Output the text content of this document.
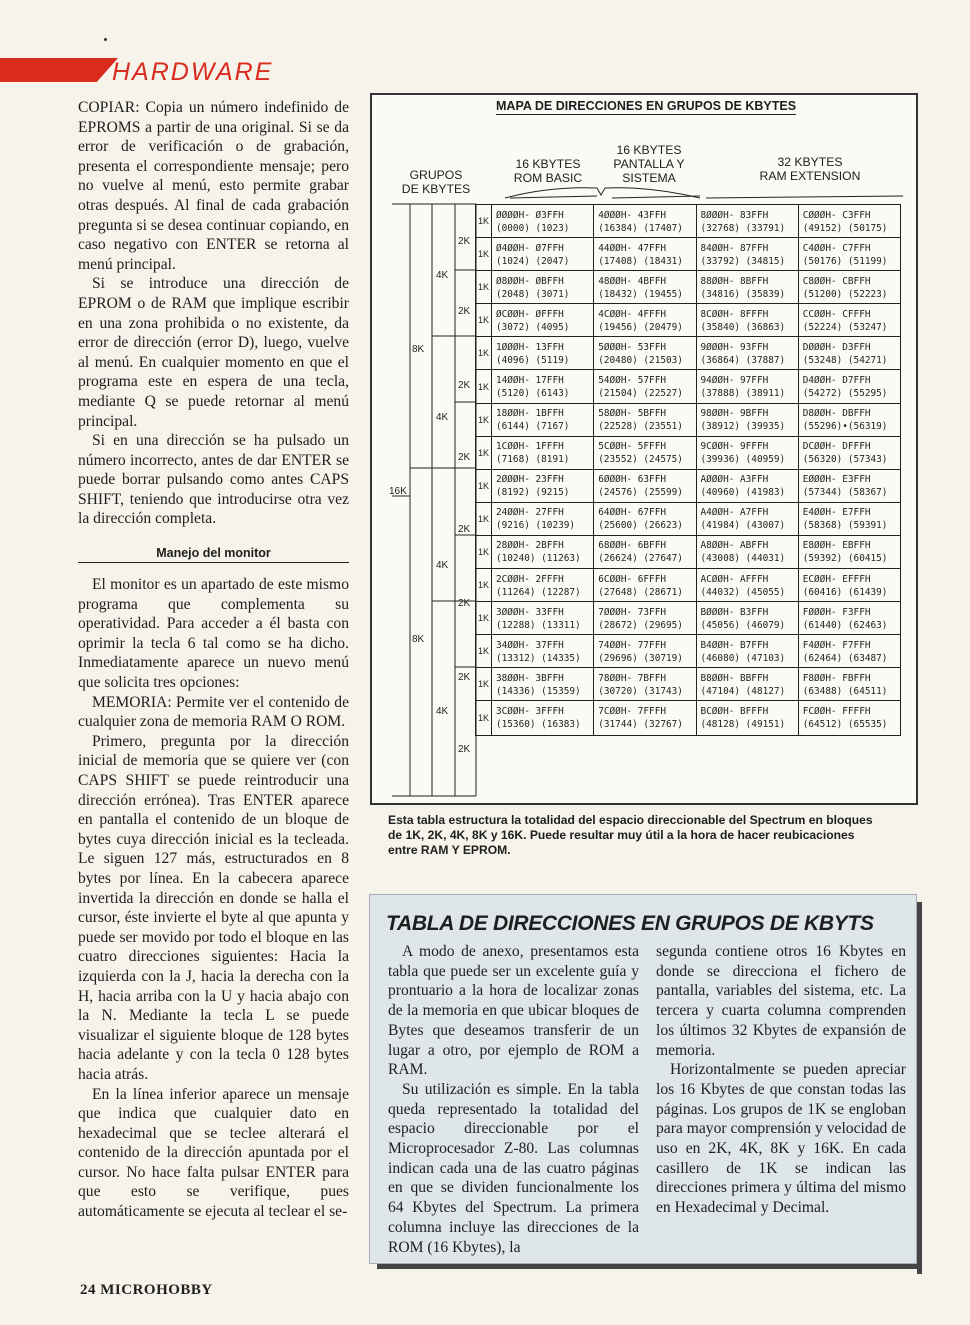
HARDWARE

COPIAR: Copia un número indefinido de EPROMS a partir de una original. Si se da error de verificación o de grabación, presenta el correspondiente mensaje; pero no vuelve al menú, esto permite grabar otras después. Al final de cada grabación pregunta si se desea continuar copiando, en caso negativo con ENTER se retorna al menú principal.

Si se introduce una dirección de EPROM o de RAM que implique escribir en una zona prohibida o no existente, da error de dirección (error D), luego, vuelve al menú. En cualquier momento en que el programa este en espera de una tecla, mediante Q se puede retornar al menú principal.

Si en una dirección se ha pulsado un número incorrecto, antes de dar ENTER se puede borrar pulsando como antes CAPS SHIFT, teniendo que introducirse otra vez la dirección completa.

Manejo del monitor

El monitor es un apartado de este mismo programa que complementa su operatividad. Para acceder a él basta con oprimir la tecla 6 tal como se ha dicho. Inmediatamente aparece un nuevo menú que solicita tres opciones:

MEMORIA: Permite ver el contenido de cualquier zona de memoria RAM O ROM.

Primero, pregunta por la dirección inicial de memoria que se quiere ver (con CAPS SHIFT se puede reintroducir una dirección errónea). Tras ENTER aparece en pantalla el contenido de un bloque de bytes cuya dirección inicial es la tecleada. Le siguen 127 más, estructurados en 8 bytes por línea. En la cabecera aparece invertida la dirección en donde se halla el cursor, éste invierte el byte al que apunta y puede ser movido por todo el bloque en las cuatro direcciones siguientes: Hacia la izquierda con la J, hacia la derecha con la H, hacia arriba con la U y hacia abajo con la N. Mediante la tecla L se puede visualizar el siguiente bloque de 128 bytes hacia adelante y con la tecla 0 128 bytes hacia atrás.

En la línea inferior aparece un mensaje que indica que cualquier dato en hexadecimal que se teclee alterará el contenido de la dirección apuntada por el cursor. No hace falta pulsar ENTER para que esto se verifique, pues automáticamente se ejecuta al teclear el se-

24 MICROHOBBY
MAPA DE DIRECCIONES EN GRUPOS DE KBYTES
GRUPOS
DE KBYTES
16 KBYTES
ROM BASIC
16 KBYTES
PANTALLA Y
SISTEMA
32 KBYTES
RAM EXTENSION
16K
8K
8K
4K
4K
4K
4K
2K
2K
2K
2K
2K
2K
2K
2K
1K
ØØØØH- Ø3FFH
(0000) (1023)
4ØØØH- 43FFH
(16384) (17407)
8ØØØH- 83FFH
(32768) (33791)
CØØØH- C3FFH
(49152) (50175)
1K
Ø4ØØH- Ø7FFH
(1024) (2047)
44ØØH- 47FFH
(17408) (18431)
84ØØH- 87FFH
(33792) (34815)
C4ØØH- C7FFH
(50176) (51199)
1K
Ø8ØØH- ØBFFH
(2048) (3071)
48ØØH- 4BFFH
(18432) (19455)
88ØØH- 8BFFH
(34816) (35839)
C8ØØH- CBFFH
(51200) (52223)
1K
ØCØØH- ØFFFH
(3072) (4095)
4CØØH- 4FFFH
(19456) (20479)
8CØØH- 8FFFH
(35840) (36863)
CCØØH- CFFFH
(52224) (53247)
1K
1ØØØH- 13FFH
(4096) (5119)
5ØØØH- 53FFH
(20480) (21503)
9ØØØH- 93FFH
(36864) (37887)
DØØØH- D3FFH
(53248) (54271)
1K
14ØØH- 17FFH
(5120) (6143)
54ØØH- 57FFH
(21504) (22527)
94ØØH- 97FFH
(37888) (38911)
D4ØØH- D7FFH
(54272) (55295)
1K
18ØØH- 1BFFH
(6144) (7167)
58ØØH- 5BFFH
(22528) (23551)
98ØØH- 9BFFH
(38912) (39935)
D8ØØH- DBFFH
(55296)•(56319)
1K
1CØØH- 1FFFH
(7168) (8191)
5CØØH- 5FFFH
(23552) (24575)
9CØØH- 9FFFH
(39936) (40959)
DCØØH- DFFFH
(56320) (57343)
1K
2ØØØH- 23FFH
(8192) (9215)
6ØØØH- 63FFH
(24576) (25599)
AØØØH- A3FFH
(40960) (41983)
EØØØH- E3FFH
(57344) (58367)
1K
24ØØH- 27FFH
(9216) (10239)
64ØØH- 67FFH
(25600) (26623)
A4ØØH- A7FFH
(41984) (43007)
E4ØØH- E7FFH
(58368) (59391)
1K
28ØØH- 2BFFH
(10240) (11263)
68ØØH- 6BFFH
(26624) (27647)
A8ØØH- ABFFH
(43008) (44031)
E8ØØH- EBFFH
(59392) (60415)
1K
2CØØH- 2FFFH
(11264) (12287)
6CØØH- 6FFFH
(27648) (28671)
ACØØH- AFFFH
(44032) (45055)
ECØØH- EFFFH
(60416) (61439)
1K
3ØØØH- 33FFH
(12288) (13311)
7ØØØH- 73FFH
(28672) (29695)
BØØØH- B3FFH
(45056) (46079)
FØØØH- F3FFH
(61440) (62463)
1K
34ØØH- 37FFH
(13312) (14335)
74ØØH- 77FFH
(29696) (30719)
B4ØØH- B7FFH
(46080) (47103)
F4ØØH- F7FFH
(62464) (63487)
1K
38ØØH- 3BFFH
(14336) (15359)
78ØØH- 7BFFH
(30720) (31743)
B8ØØH- BBFFH
(47104) (48127)
F8ØØH- FBFFH
(63488) (64511)
1K
3CØØH- 3FFFH
(15360) (16383)
7CØØH- 7FFFH
(31744) (32767)
BCØØH- BFFFH
(48128) (49151)
FCØØH- FFFFH
(64512) (65535)
Esta tabla estructura la totalidad del espacio direccionable del Spectrum en bloques de 1K, 2K, 4K, 8K y 16K. Puede resultar muy útil a la hora de hacer reubicaciones entre RAM Y EPROM.
TABLA DE DIRECCIONES EN GRUPOS DE KBYTS

A modo de anexo, presentamos esta tabla que puede ser un excelente guía y prontuario a la hora de localizar zonas de la memoria en que ubicar bloques de Bytes que deseamos transferir de un lugar a otro, por ejemplo de ROM a RAM.

Su utilización es simple. En la tabla queda representado la totalidad del espacio direccionable por el Microprocesador Z-80. Las columnas indican cada una de las cuatro páginas en que se dividen funcionalmente los 64 Kbytes del Spectrum. La primera columna incluye las direcciones de la ROM (16 Kbytes), la

segunda contiene otros 16 Kbytes en donde se direcciona el fichero de pantalla, variables del sistema, etc. La tercera y cuarta columna comprenden los últimos 32 Kbytes de expansión de memoria.

Horizontalmente se pueden apreciar los 16 Kbytes de que constan todas las páginas. Los grupos de 1K se engloban para mayor comprensión y velocidad de uso en 2K, 4K, 8K y 16K. En cada casillero de 1K se indican las direcciones primera y última del mismo en Hexadecimal y Decimal.
